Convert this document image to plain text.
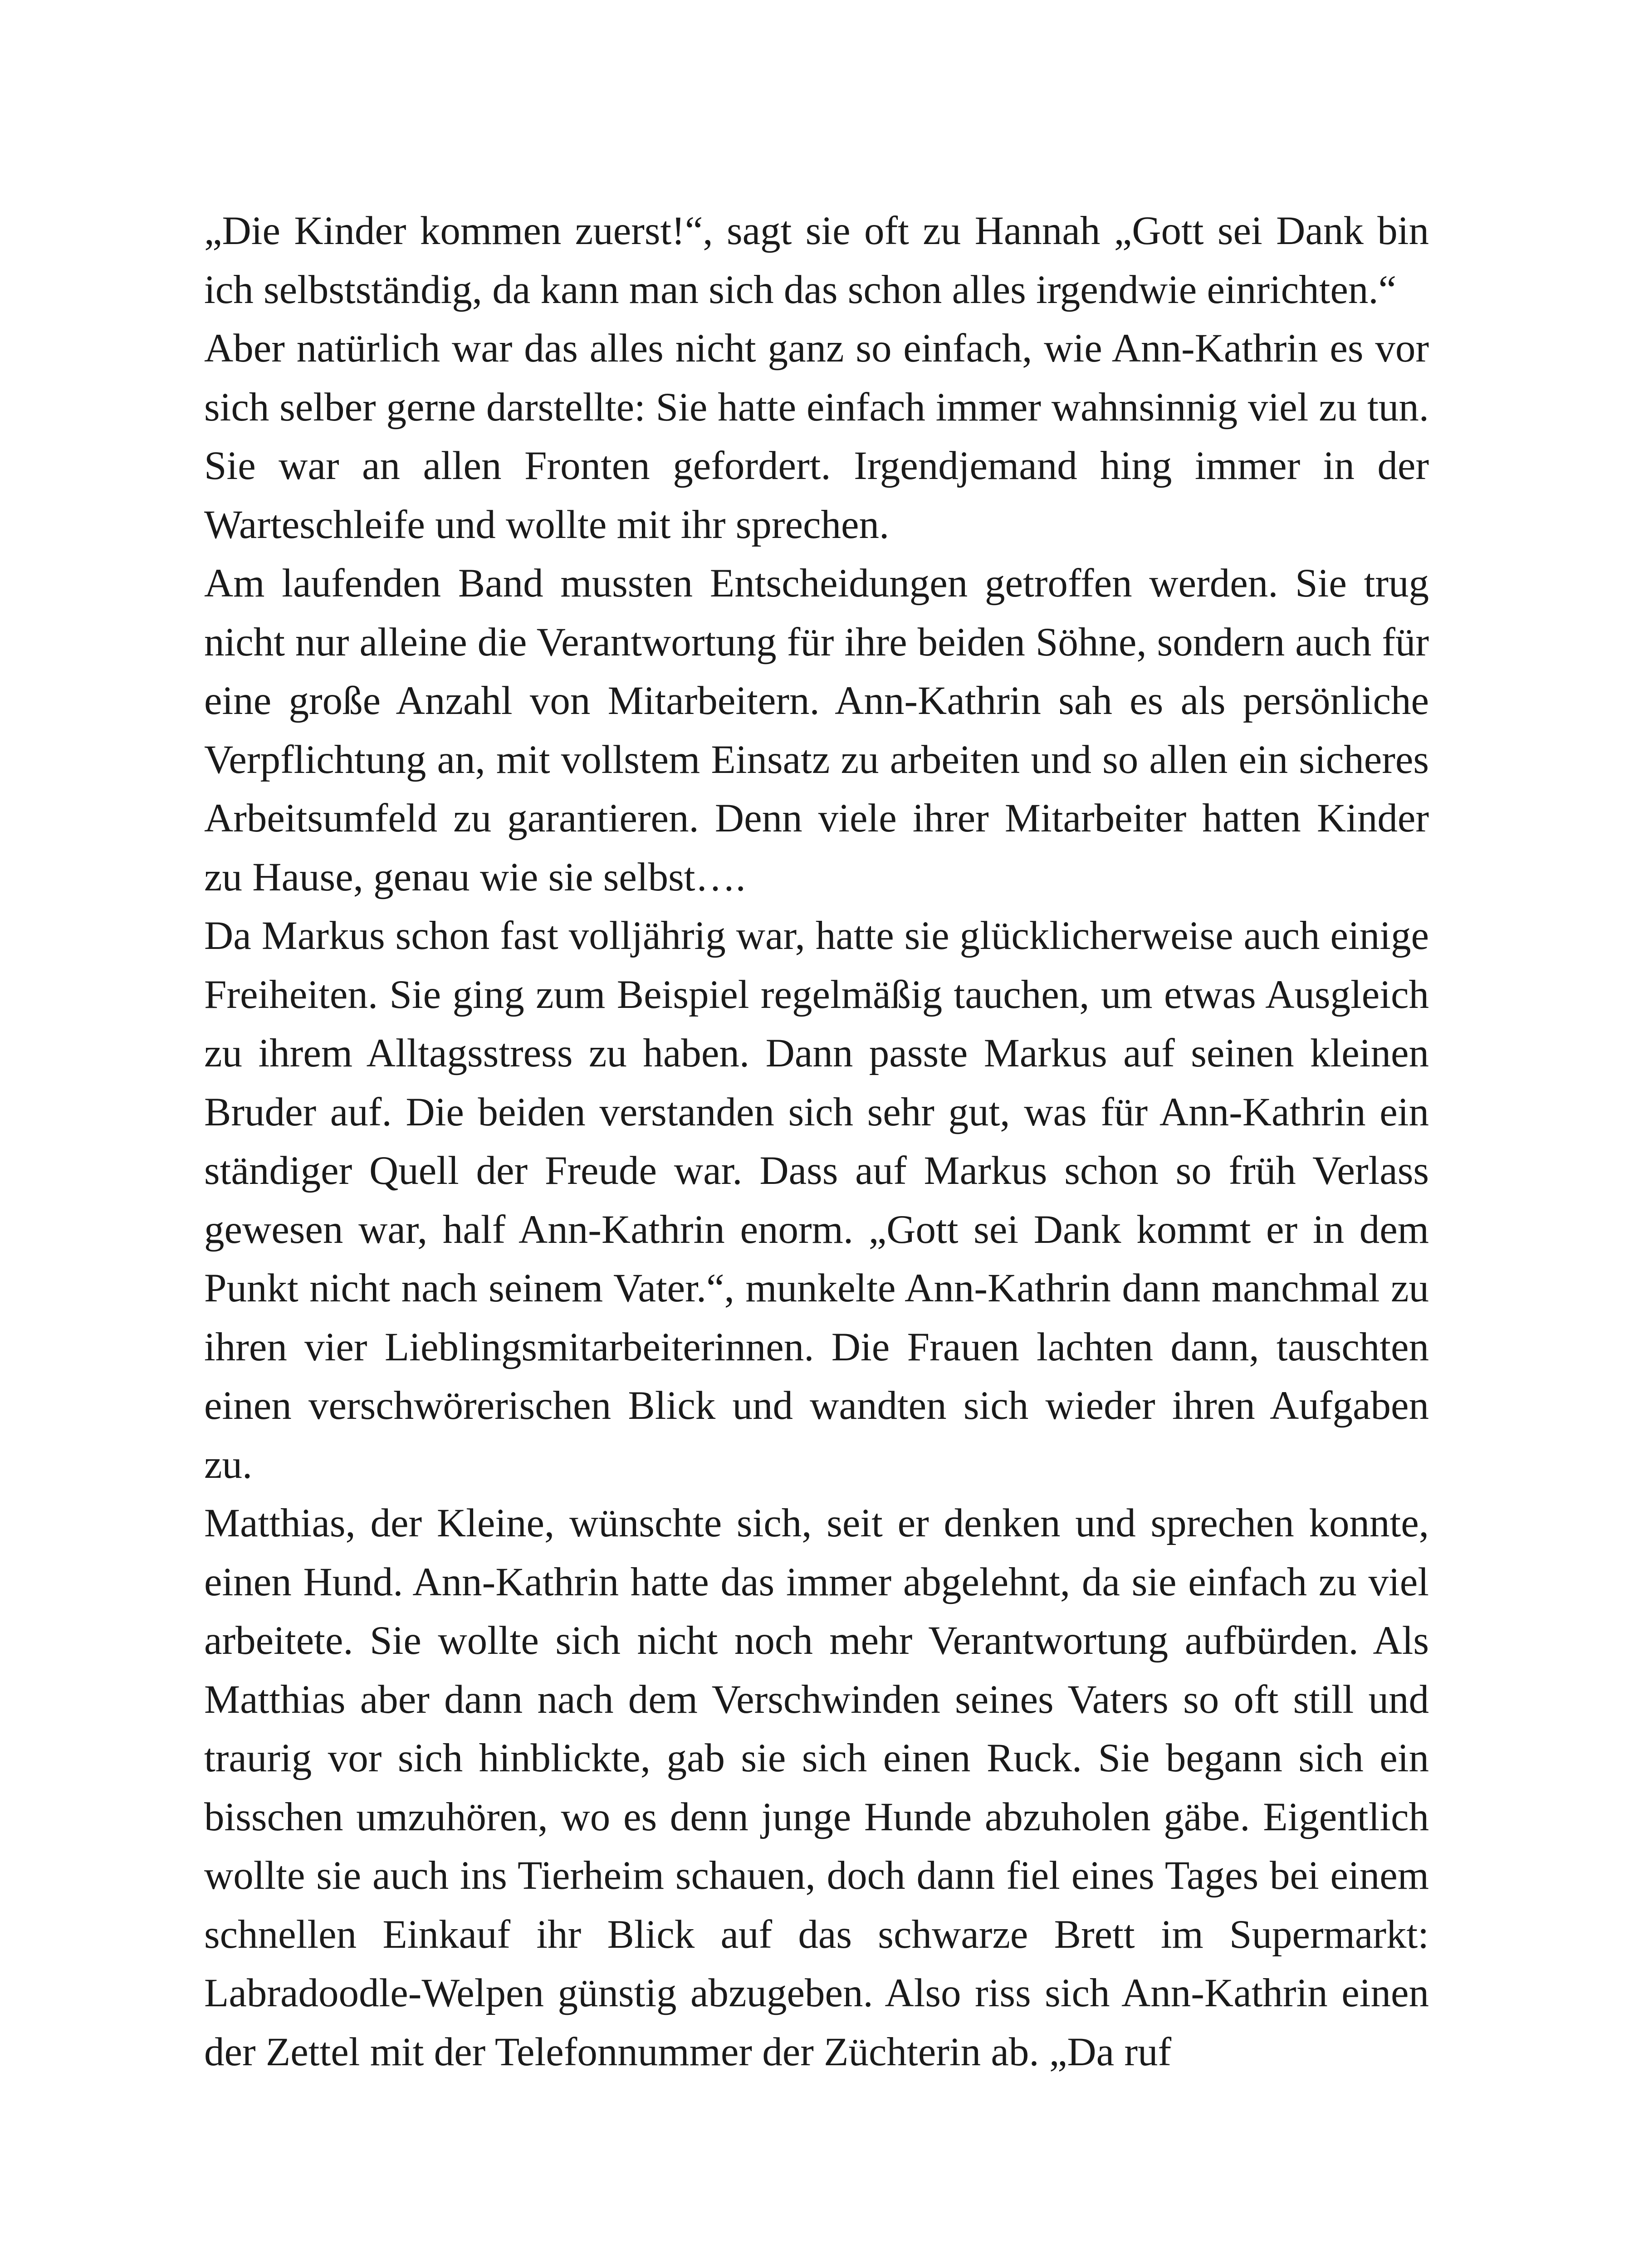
„Die Kinder kommen zuerst!“, sagt sie oft zu Hannah „Gott sei Dank bin ich selbstständig, da kann man sich das schon alles irgendwie einrichten.“

Aber natürlich war das alles nicht ganz so einfach, wie Ann-Kathrin es vor sich selber gerne darstellte: Sie hatte einfach immer wahnsinnig viel zu tun. Sie war an allen Fronten gefordert. Irgendjemand hing immer in der Warteschleife und wollte mit ihr sprechen.

Am laufenden Band mussten Entscheidungen getroffen werden. Sie trug nicht nur alleine die Verantwortung für ihre beiden Söhne, sondern auch für eine große Anzahl von Mitarbeitern. Ann-Kathrin sah es als persönliche Verpflichtung an, mit vollstem Einsatz zu arbeiten und so allen ein sicheres Arbeitsumfeld zu garantieren. Denn viele ihrer Mitarbeiter hatten Kinder zu Hause, genau wie sie selbst….

Da Markus schon fast volljährig war, hatte sie glücklicherweise auch einige Freiheiten. Sie ging zum Beispiel regelmäßig tauchen, um etwas Ausgleich zu ihrem Alltagsstress zu haben. Dann passte Markus auf seinen kleinen Bruder auf. Die beiden verstanden sich sehr gut, was für Ann-Kathrin ein ständiger Quell der Freude war. Dass auf Markus schon so früh Verlass gewesen war, half Ann-Kathrin enorm. „Gott sei Dank kommt er in dem Punkt nicht nach seinem Vater.“, munkelte Ann-Kathrin dann manchmal zu ihren vier Lieblingsmitarbeiterinnen. Die Frauen lachten dann, tauschten einen verschwörerischen Blick und wandten sich wieder ihren Aufgaben zu.

Matthias, der Kleine, wünschte sich, seit er denken und sprechen konnte, einen Hund. Ann-Kathrin hatte das immer abgelehnt, da sie einfach zu viel arbeitete. Sie wollte sich nicht noch mehr Verantwortung aufbürden. Als Matthias aber dann nach dem Verschwinden seines Vaters so oft still und traurig vor sich hinblickte, gab sie sich einen Ruck. Sie begann sich ein bisschen umzuhören, wo es denn junge Hunde abzuholen gäbe. Eigentlich wollte sie auch ins Tierheim schauen, doch dann fiel eines Tages bei einem schnellen Einkauf ihr Blick auf das schwarze Brett im Supermarkt: Labradoodle-Welpen günstig abzugeben. Also riss sich Ann-Kathrin einen der Zettel mit der Telefonnummer der Züchterin ab. „Da ruf
